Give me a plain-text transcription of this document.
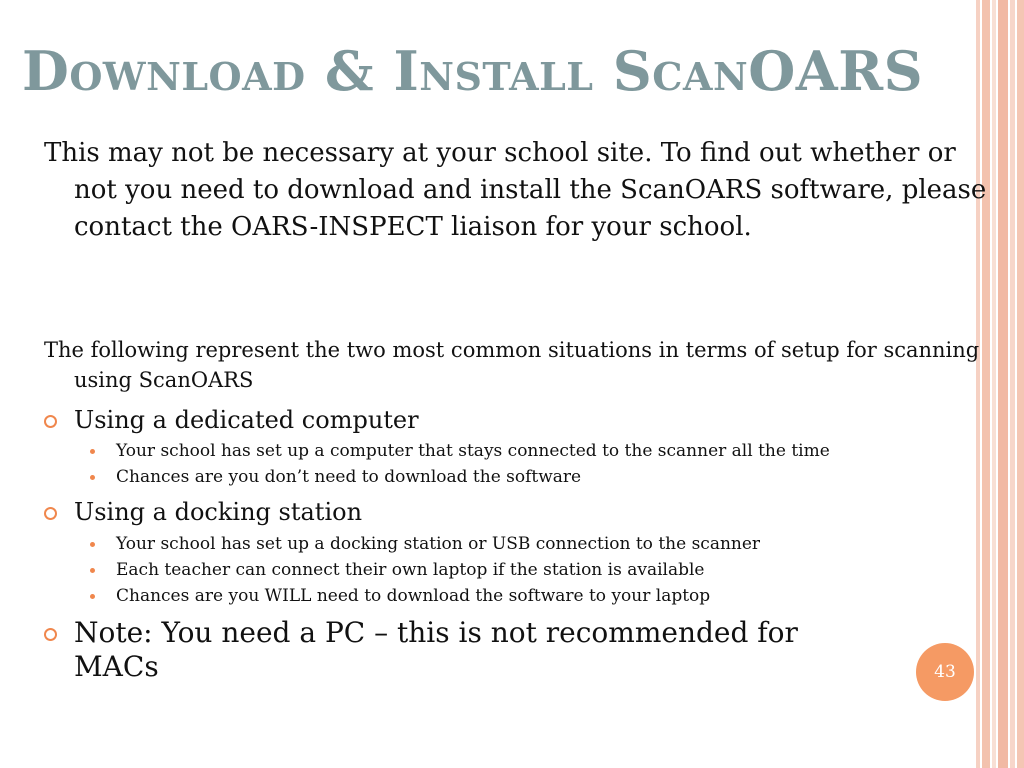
Download & Install ScanOARS
This may not be necessary at your school site. To find out whether or not you need to download and install the ScanOARS software, please contact the OARS-INSPECT liaison for your school.
The following represent the two most common situations in terms of setup for scanning using ScanOARS
Using a dedicated computer
Your school has set up a computer that stays connected to the scanner all the time
Chances are you don’t need to download the software
Using a docking station
Your school has set up a docking station or USB connection to the scanner
Each teacher can connect their own laptop if the station is available
Chances are you WILL need to download the software to your laptop
Note: You need a PC – this is not recommended for MACs	43
